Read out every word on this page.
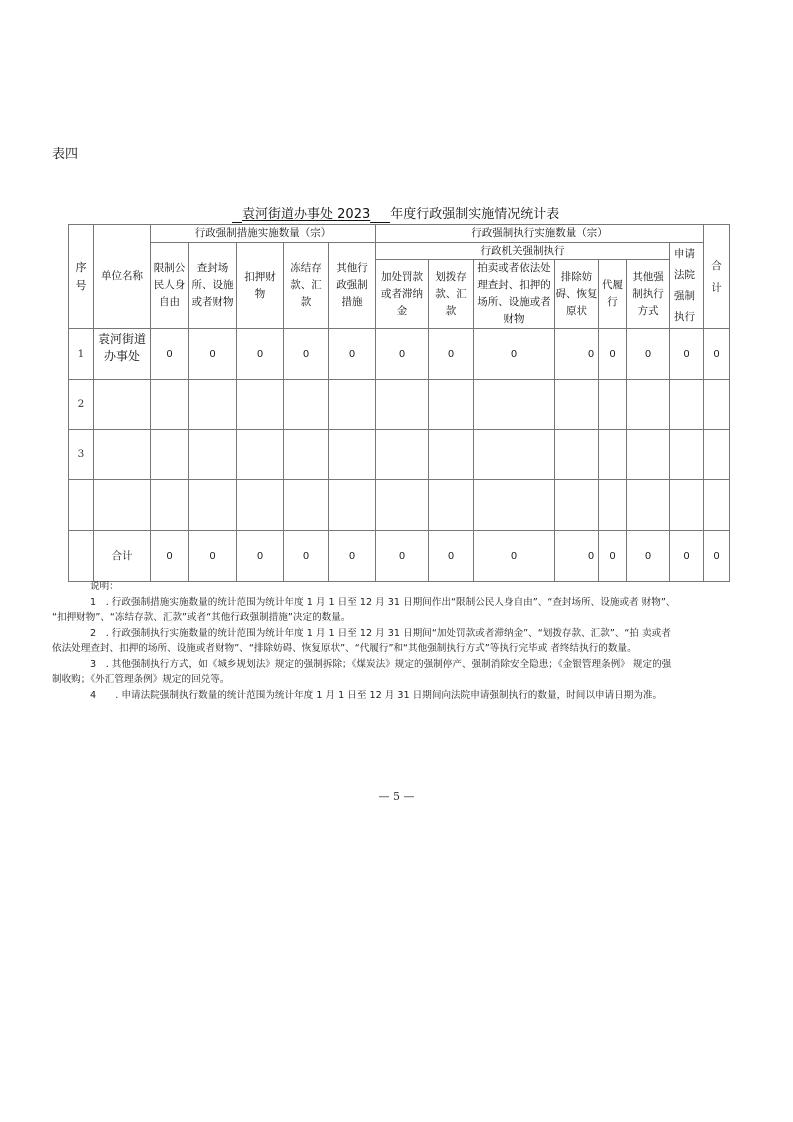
表四
袁河街道办事处 2023 年度行政强制实施情况统计表
序号	单位名称	行政强制措施实施数量（宗）					行政强制执行实施数量（宗）							合计
		限制公民人身自由	查封场所、设施或者财物	扣押财物	冻结存款、汇款	其他行政强制措施	行政机关强制执行						申请法院强制执行	
							加处罚款或者滞纳金	划拨存款、汇款	拍卖或者依法处理查封、扣押的场所、设施或者财物	排除妨碍、恢复原状	代履行	其他强制执行方式		
1	袁河街道办事处	0	0	0	0	0	0	0	0	0	0	0	0	0
2														
3														

	合计	0	0	0	0	0	0	0	0	0	0	0	0	0

说明：

1　. 行政强制措施实施数量的统计范围为统计年度 1 月 1 日至 12 月 31 日期间作出“限制公民人身自由”、“查封场所、设施或者 财物”、

“扣押财物”、“冻结存款、汇款”或者“其他行政强制措施”决定的数量。

2　. 行政强制执行实施数量的统计范围为统计年度 1 月 1 日至 12 月 31 日期间“加处罚款或者滞纳金”、“划拨存款、汇款”、“拍 卖或者

依法处理查封、扣押的场所、设施或者财物”、“排除妨碍、恢复原状”、“代履行”和“其他强制执行方式”等执行完毕或 者终结执行的数量。

3　. 其他强制执行方式，如《城乡规划法》规定的强制拆除；《煤炭法》规定的强制停产、强制消除安全隐患；《金银管理条例》 规定的强

制收购；《外汇管理条例》规定的回兑等。

4　　. 申请法院强制执行数量的统计范围为统计年度 1 月 1 日至 12 月 31 日期间向法院申请强制执行的数量，时间以申请日期为准。

— 5 —
